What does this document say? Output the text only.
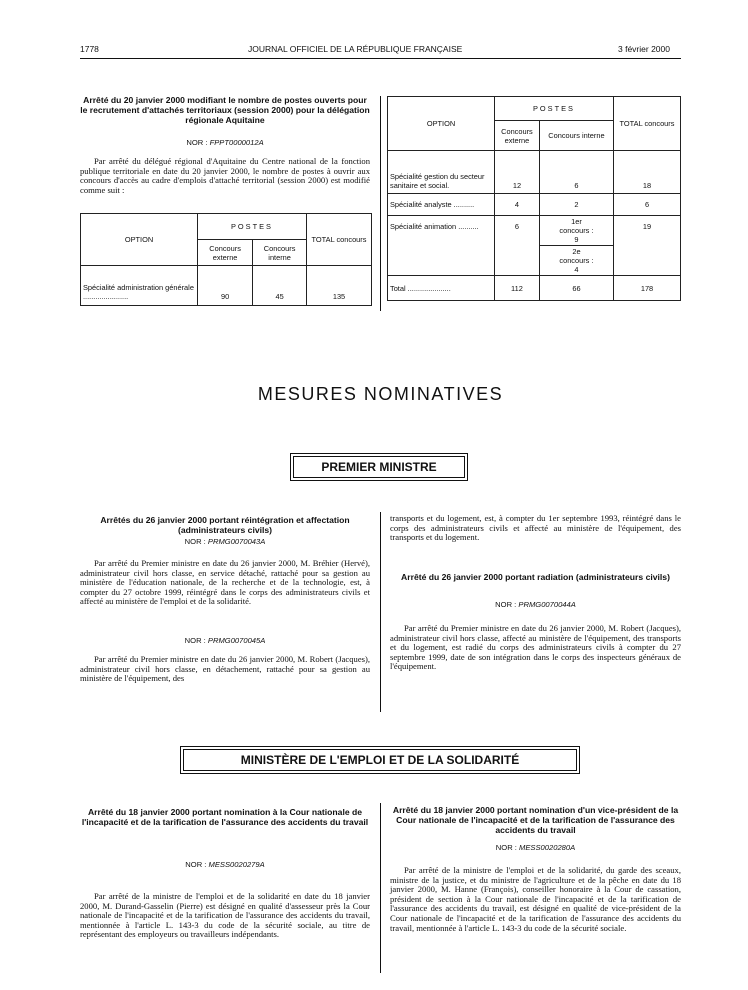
1778	JOURNAL OFFICIEL DE LA RÉPUBLIQUE FRANÇAISE	3 février 2000
Arrêté du 20 janvier 2000 modifiant le nombre de postes ouverts pour le recrutement d'attachés territoriaux (session 2000) pour la délégation régionale Aquitaine
NOR : FPPT0000012A
Par arrêté du délégué régional d'Aquitaine du Centre national de la fonction publique territoriale en date du 20 janvier 2000, le nombre de postes à ouvrir aux concours d'accès au cadre d'emplois d'attaché territorial (session 2000) est modifié comme suit :
OPTION	POSTES		TOTAL concours
	Concours externe	Concours interne	
Spécialité administration générale ......................	90	45	135
OPTION	POSTES		TOTAL concours
	Concours externe	Concours interne	
Spécialité gestion du secteur sanitaire et social.	12	6	18
Spécialité analyste ..........	4	2	6
Spécialité animation ..........	6	1er concours : 9	19
		2e concours : 4	
Total .....................	112	66	178
MESURES NOMINATIVES
PREMIER MINISTRE
Arrêtés du 26 janvier 2000 portant réintégration et affectation (administrateurs civils)
NOR : PRMG0070043A
Par arrêté du Premier ministre en date du 26 janvier 2000, M. Bréhier (Hervé), administrateur civil hors classe, en service détaché, rattaché pour sa gestion au ministère de l'éducation nationale, de la recherche et de la technologie, est, à compter du 27 octobre 1999, réintégré dans le corps des administrateurs civils et affecté au ministère de l'emploi et de la solidarité.
NOR : PRMG0070045A
Par arrêté du Premier ministre en date du 26 janvier 2000, M. Robert (Jacques), administrateur civil hors classe, en détachement, rattaché pour sa gestion au ministère de l'équipement, des
transports et du logement, est, à compter du 1er septembre 1993, réintégré dans le corps des administrateurs civils et affecté au ministère de l'équipement, des transports et du logement.
Arrêté du 26 janvier 2000 portant radiation (administrateurs civils)
NOR : PRMG0070044A
Par arrêté du Premier ministre en date du 26 janvier 2000, M. Robert (Jacques), administrateur civil hors classe, affecté au ministère de l'équipement, des transports et du logement, est radié du corps des administrateurs civils à compter du 27 septembre 1999, date de son intégration dans le corps des inspecteurs généraux de l'équipement.
MINISTÈRE DE L'EMPLOI ET DE LA SOLIDARITÉ
Arrêté du 18 janvier 2000 portant nomination à la Cour nationale de l'incapacité et de la tarification de l'assurance des accidents du travail
NOR : MESS0020279A
Par arrêté de la ministre de l'emploi et de la solidarité en date du 18 janvier 2000, M. Durand-Gasselin (Pierre) est désigné en qualité d'assesseur près la Cour nationale de l'incapacité et de la tarification de l'assurance des accidents du travail, mentionnée à l'article L. 143-3 du code de la sécurité sociale, au titre de représentant des employeurs ou travailleurs indépendants.
Arrêté du 18 janvier 2000 portant nomination d'un vice-président de la Cour nationale de l'incapacité et de la tarification de l'assurance des accidents du travail
NOR : MESS0020280A
Par arrêté de la ministre de l'emploi et de la solidarité, du garde des sceaux, ministre de la justice, et du ministre de l'agriculture et de la pêche en date du 18 janvier 2000, M. Hanne (François), conseiller honoraire à la Cour de cassation, président de section à la Cour nationale de l'incapacité et de la tarification de l'assurance des accidents du travail, est désigné en qualité de vice-président de la Cour nationale de l'incapacité et de la tarification de l'assurance des accidents du travail, mentionnée à l'article L. 143-3 du code de la sécurité sociale.
